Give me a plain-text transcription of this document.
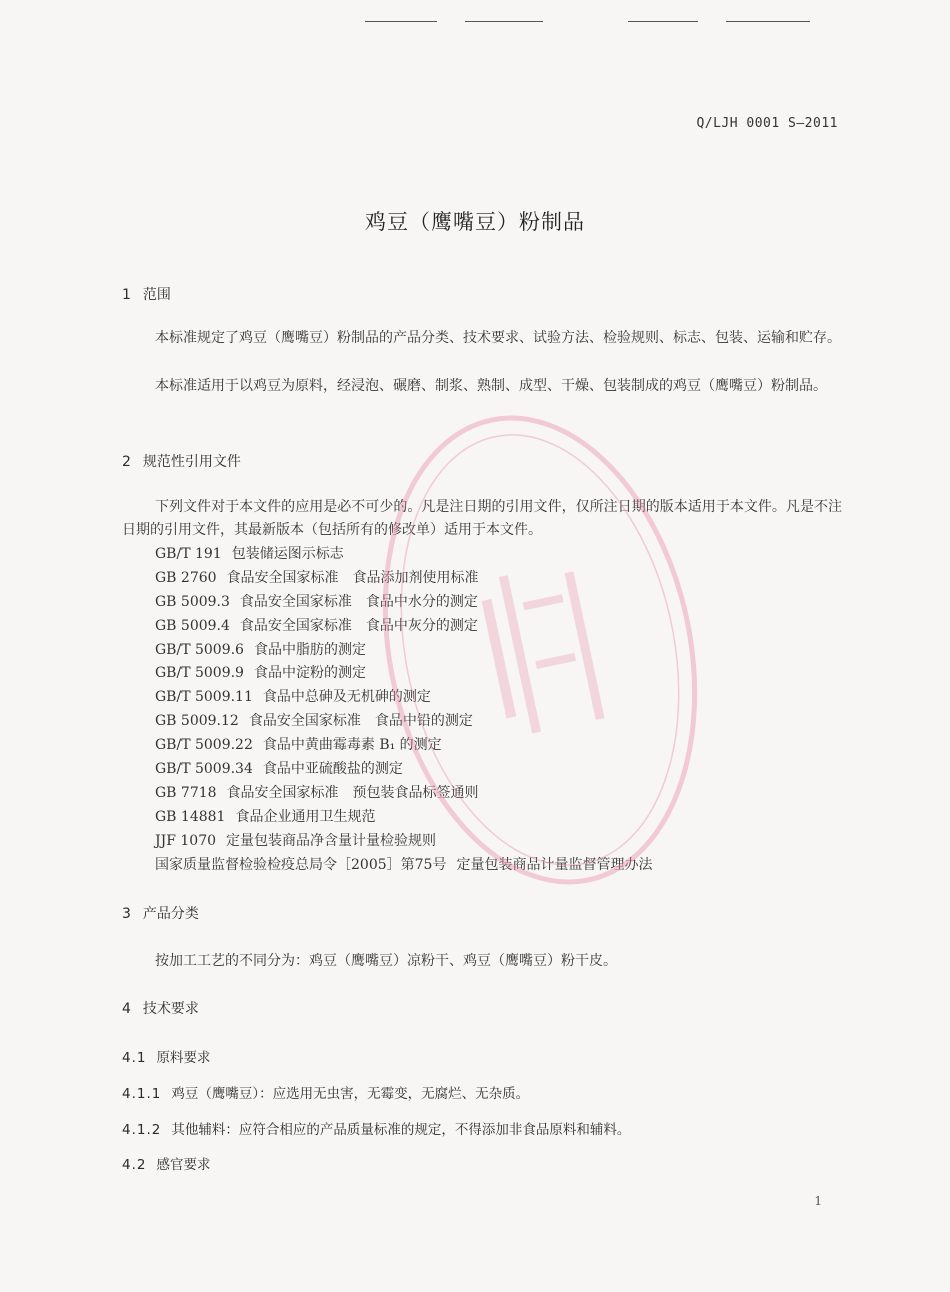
Q/LJH 0001 S—2011
鸡豆（鹰嘴豆）粉制品
1 范围
本标准规定了鸡豆（鹰嘴豆）粉制品的产品分类、技术要求、试验方法、检验规则、标志、包装、运输和贮存。
本标准适用于以鸡豆为原料，经浸泡、碾磨、制浆、熟制、成型、干燥、包装制成的鸡豆（鹰嘴豆）粉制品。
2 规范性引用文件
下列文件对于本文件的应用是必不可少的。凡是注日期的引用文件，仅所注日期的版本适用于本文件。凡是不注日期的引用文件，其最新版本（包括所有的修改单）适用于本文件。
GB/T 191 包装储运图示标志
GB 2760 食品安全国家标准　食品添加剂使用标准
GB 5009.3 食品安全国家标准　食品中水分的测定
GB 5009.4 食品安全国家标准　食品中灰分的测定
GB/T 5009.6 食品中脂肪的测定
GB/T 5009.9 食品中淀粉的测定
GB/T 5009.11 食品中总砷及无机砷的测定
GB 5009.12 食品安全国家标准　食品中铅的测定
GB/T 5009.22 食品中黄曲霉毒素 B₁ 的测定
GB/T 5009.34 食品中亚硫酸盐的测定
GB 7718 食品安全国家标准　预包装食品标签通则
GB 14881 食品企业通用卫生规范
JJF 1070 定量包装商品净含量计量检验规则
国家质量监督检验检疫总局令［2005］第75号 定量包装商品计量监督管理办法
3 产品分类
按加工工艺的不同分为：鸡豆（鹰嘴豆）凉粉干、鸡豆（鹰嘴豆）粉干皮。
4 技术要求
4.1 原料要求
4.1.1 鸡豆（鹰嘴豆）：应选用无虫害，无霉变，无腐烂、无杂质。
4.1.2 其他辅料：应符合相应的产品质量标准的规定，不得添加非食品原料和辅料。
4.2 感官要求
1
